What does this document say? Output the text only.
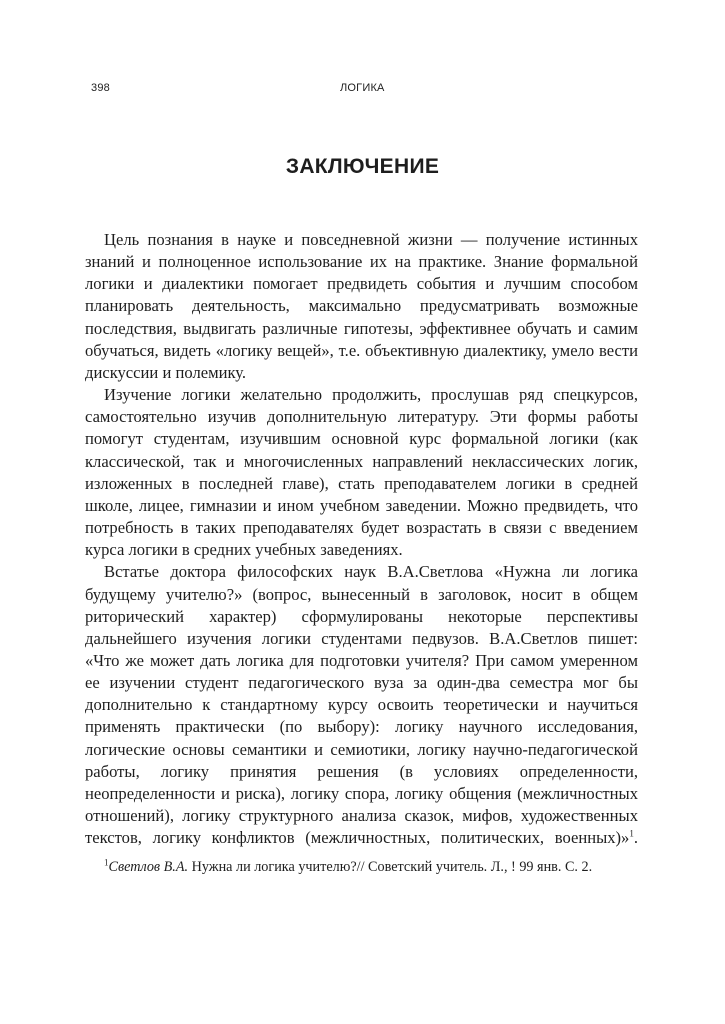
398	ЛОГИКА
ЗАКЛЮЧЕНИЕ

Цель познания в науке и повседневной жизни — получение истинных знаний и полноценное использование их на практике. Знание формальной логики и диалектики помогает предвидеть события и лучшим способом планировать деятельность, максимально предусматривать возможные последствия, выдвигать различные гипотезы, эффективнее обучать и самим обучаться, видеть «логику вещей», т.е. объективную диалектику, умело вести дискуссии и полемику.

Изучение логики желательно продолжить, прослушав ряд спецкурсов, самостоятельно изучив дополнительную литературу. Эти формы работы помогут студентам, изучившим основной курс формальной логики (как классической, так и многочисленных направлений неклассических логик, изложенных в последней главе), стать преподавателем логики в средней школе, лицее, гимназии и ином учебном заведении. Можно предвидеть, что потребность в таких преподавателях будет возрастать в связи с введением курса логики в средних учебных заведениях.

Встатье доктора философских наук В.А.Светлова «Нужна ли логика будущему учителю?» (вопрос, вынесенный в заголовок, носит в общем риторический характер) сформулированы некоторые перспективы дальнейшего изучения логики студентами педвузов. В.А.Светлов пишет: «Что же может дать логика для подготовки учителя? При самом умеренном ее изучении студент педагогического вуза за один-два семестра мог бы дополнительно к стандартному курсу освоить теоретически и научиться применять практически (по выбору): логику научного исследования, логические основы семантики и семиотики, логику научно-педагогической работы, логику принятия решения (в условиях определенности, неопределенности и риска), логику спора, логику общения (межличностных отношений), логику структурного анализа сказок, мифов, художественных текстов, логику конфликтов (межличностных, политических, военных)»$^1$.

$^1$Светлов В.А. Нужна ли логика учителю?// Советский учитель. Л., ! 99 янв. С. 2.
